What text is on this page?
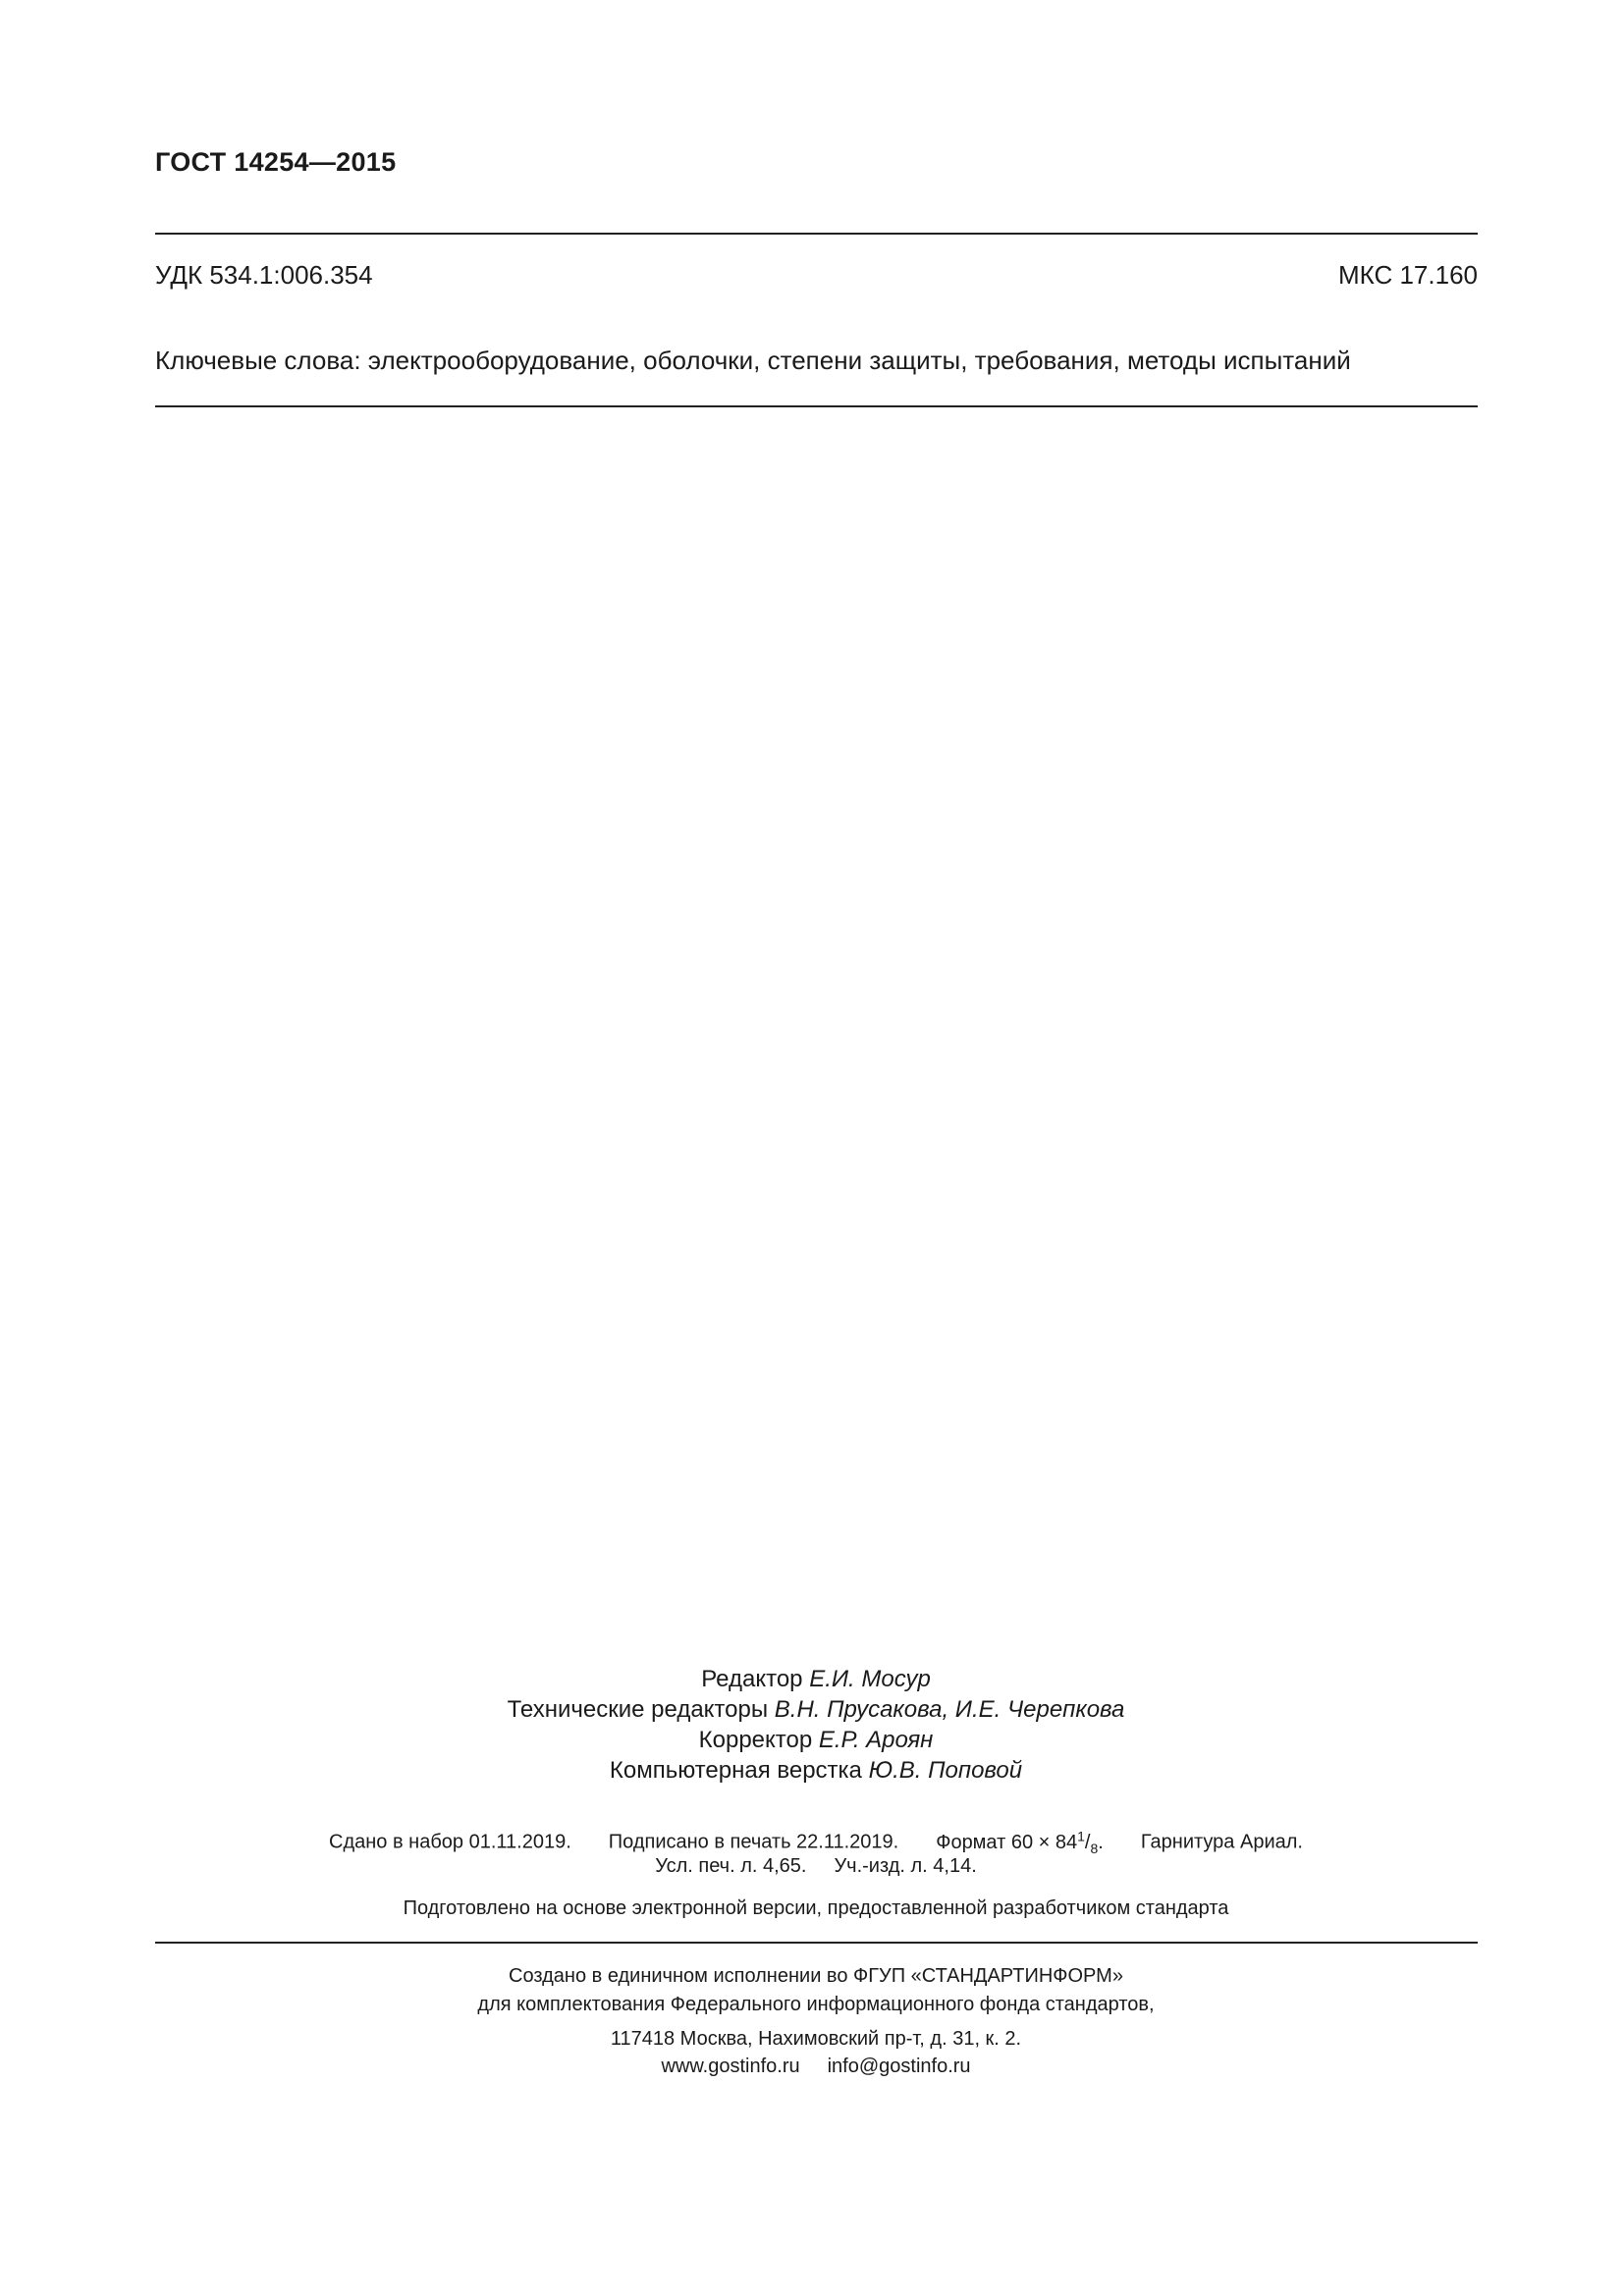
ГОСТ 14254—2015
УДК 534.1:006.354	МКС 17.160
Ключевые слова: электрооборудование, оболочки, степени защиты, требования, методы испытаний
Редактор Е.И. Мосур
Технические редакторы В.Н. Прусакова, И.Е. Черепкова
Корректор Е.Р. Ароян
Компьютерная верстка Ю.В. Поповой
Сдано в набор 01.11.2019. Подписано в печать 22.11.2019. Формат $60 \times 84^1/_8$. Гарнитура Ариал.
Усл. печ. л. 4,65. Уч.-изд. л. 4,14.
Подготовлено на основе электронной версии, предоставленной разработчиком стандарта
Создано в единичном исполнении во ФГУП «СТАНДАРТИНФОРМ»
для комплектования Федерального информационного фонда стандартов,
117418 Москва, Нахимовский пр-т, д. 31, к. 2.
www.gostinfo.ru info@gostinfo.ru
